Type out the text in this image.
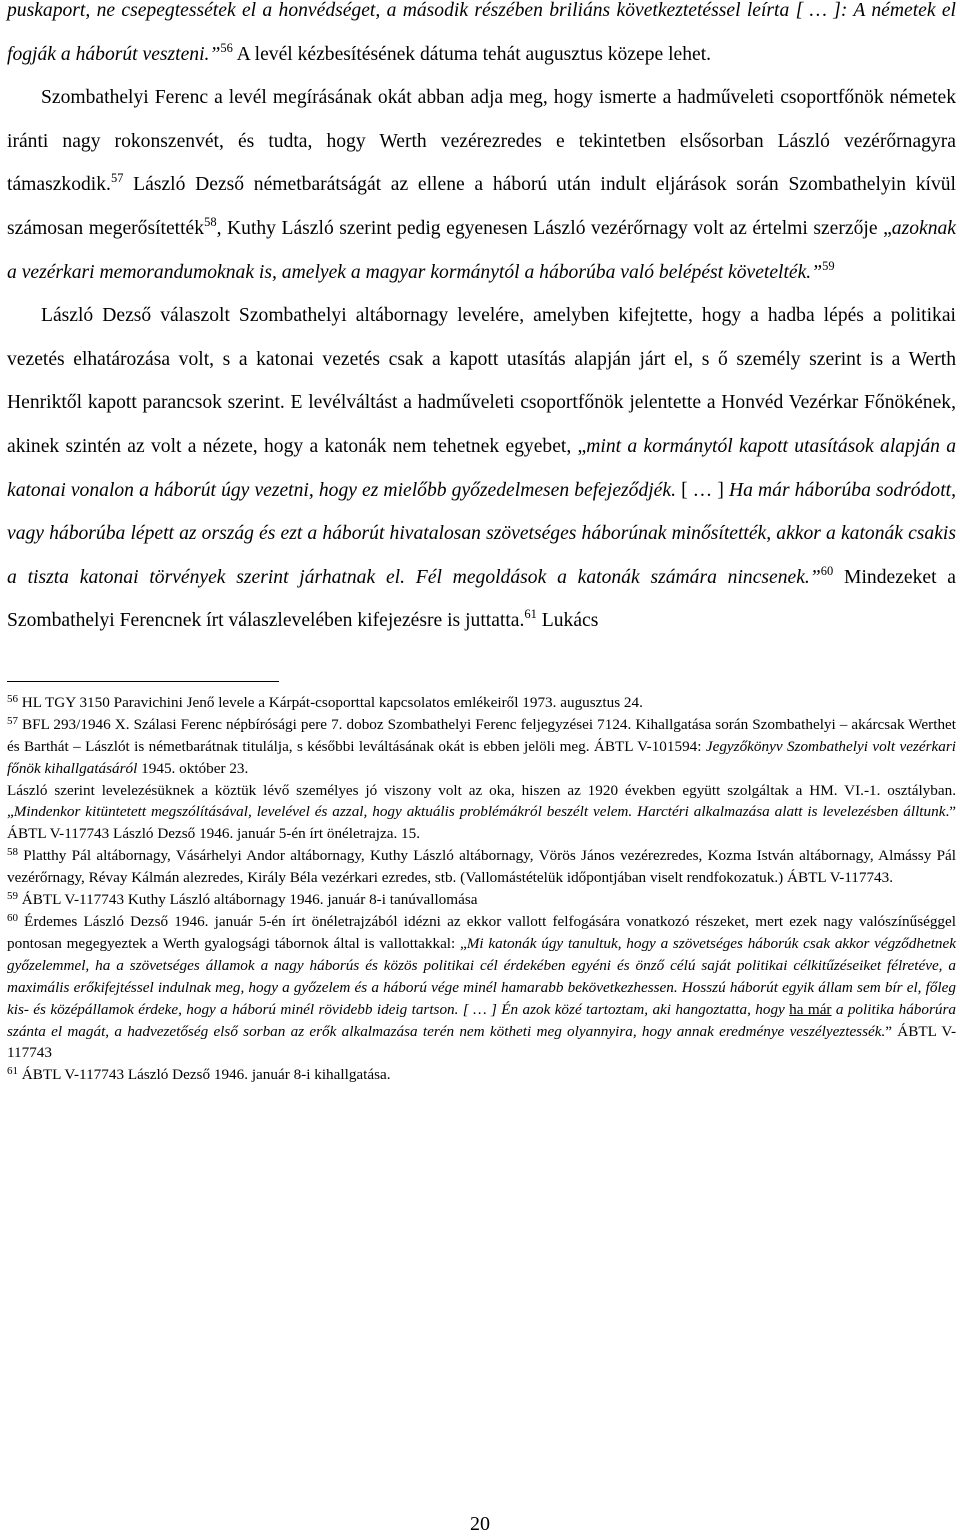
puskaport, ne csepegtessétek el a honvédséget, a második részében briliáns következtetéssel leírta [ … ]: A németek el fogják a háborút veszteni.”$^{56}$ A levél kézbesítésének dátuma tehát augusztus közepe lehet.

Szombathelyi Ferenc a levél megírásának okát abban adja meg, hogy ismerte a hadműveleti csoportfőnök németek iránti nagy rokonszenvét, és tudta, hogy Werth vezérezredes e tekintetben elsősorban László vezérőrnagyra támaszkodik.$^{57}$ László Dezső németbarátságát az ellene a háború után indult eljárások során Szombathelyin kívül számosan megerősítették$^{58}$, Kuthy László szerint pedig egyenesen László vezérőrnagy volt az értelmi szerzője „azoknak a vezérkari memorandumoknak is, amelyek a magyar kormánytól a háborúba való belépést követelték.”$^{59}$

László Dezső válaszolt Szombathelyi altábornagy levelére, amelyben kifejtette, hogy a hadba lépés a politikai vezetés elhatározása volt, s a katonai vezetés csak a kapott utasítás alapján járt el, s ő személy szerint is a Werth Henriktől kapott parancsok szerint. E levélváltást a hadműveleti csoportfőnök jelentette a Honvéd Vezérkar Főnökének, akinek szintén az volt a nézete, hogy a katonák nem tehetnek egyebet, „mint a kormánytól kapott utasítások alapján a katonai vonalon a háborút úgy vezetni, hogy ez mielőbb győzedelmesen befejeződjék. [ … ] Ha már háborúba sodródott, vagy háborúba lépett az ország és ezt a háborút hivatalosan szövetséges háborúnak minősítették, akkor a katonák csakis a tiszta katonai törvények szerint járhatnak el. Fél megoldások a katonák számára nincsenek.”$^{60}$ Mindezeket a Szombathelyi Ferencnek írt válaszlevelében kifejezésre is juttatta.$^{61}$ Lukács

$^{56}$ HL TGY 3150 Paravichini Jenő levele a Kárpát-csoporttal kapcsolatos emlékeiről 1973. augusztus 24.

$^{57}$ BFL 293/1946 X. Szálasi Ferenc népbírósági pere 7. doboz Szombathelyi Ferenc feljegyzései 7124. Kihallgatása során Szombathelyi – akárcsak Werthet és Barthát – Lászlót is németbarátnak titulálja, s későbbi leváltásának okát is ebben jelöli meg. ÁBTL V-101594: Jegyzőkönyv Szombathelyi volt vezérkari főnök kihallgatásáról 1945. október 23.

László szerint levelezésüknek a köztük lévő személyes jó viszony volt az oka, hiszen az 1920 években együtt szolgáltak a HM. VI.-1. osztályban. „Mindenkor kitüntetett megszólításával, levelével és azzal, hogy aktuális problémákról beszélt velem. Harctéri alkalmazása alatt is levelezésben álltunk.” ÁBTL V-117743 László Dezső 1946. január 5-én írt önéletrajza. 15.

$^{58}$ Platthy Pál altábornagy, Vásárhelyi Andor altábornagy, Kuthy László altábornagy, Vörös János vezérezredes, Kozma István altábornagy, Almássy Pál vezérőrnagy, Révay Kálmán alezredes, Király Béla vezérkari ezredes, stb. (Vallomástételük időpontjában viselt rendfokozatuk.) ÁBTL V-117743.

$^{59}$ ÁBTL V-117743 Kuthy László altábornagy 1946. január 8-i tanúvallomása

$^{60}$ Érdemes László Dezső 1946. január 5-én írt önéletrajzából idézni az ekkor vallott felfogására vonatkozó részeket, mert ezek nagy valószínűséggel pontosan megegyeztek a Werth gyalogsági tábornok által is vallottakkal: „Mi katonák úgy tanultuk, hogy a szövetséges háborúk csak akkor végződhetnek győzelemmel, ha a szövetséges államok a nagy háborús és közös politikai cél érdekében egyéni és önző célú saját politikai célkitűzéseiket félretéve, a maximális erőkifejtéssel indulnak meg, hogy a győzelem és a háború vége minél hamarabb bekövetkezhessen. Hosszú háborút egyik állam sem bír el, főleg kis- és középállamok érdeke, hogy a háború minél rövidebb ideig tartson. [ … ] Én azok közé tartoztam, aki hangoztatta, hogy ha már a politika háborúra szánta el magát, a hadvezetőség első sorban az erők alkalmazása terén nem kötheti meg olyannyira, hogy annak eredménye veszélyeztessék.” ÁBTL V-117743

$^{61}$ ÁBTL V-117743 László Dezső 1946. január 8-i kihallgatása.

20
